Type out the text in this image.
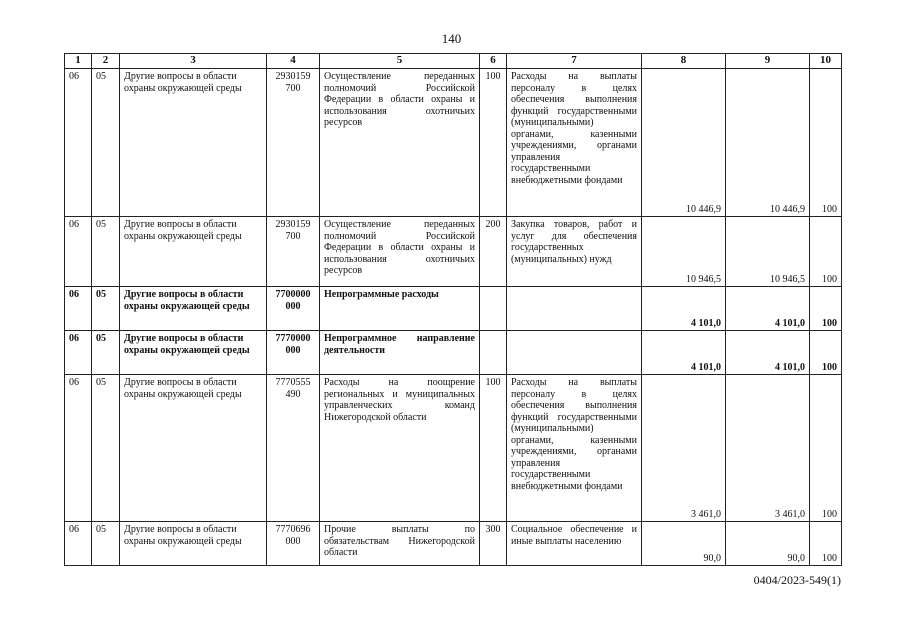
140
1	2	3	4	5	6	7	8	9	10
06	05	Другие вопросы в области охраны окружающей среды	2930159 700	Осуществление переданных полномочий Российской Федерации в области охраны и использования охотничьих ресурсов	100	Расходы на выплаты персоналу в целях обеспечения выполнения функций государственными (муниципальными) органами, казенными учреждениями, органами управления государственными внебюджетными фондами	10 446,9	10 446,9	100
06	05	Другие вопросы в области охраны окружающей среды	2930159 700	Осуществление переданных полномочий Российской Федерации в области охраны и использования охотничьих ресурсов	200	Закупка товаров, работ и услуг для обеспечения государственных (муниципальных) нужд	10 946,5	10 946,5	100
06	05	Другие вопросы в области охраны окружающей среды	7700000 000	Непрограммные расходы			4 101,0	4 101,0	100
06	05	Другие вопросы в области охраны окружающей среды	7770000 000	Непрограммное направление деятельности			4 101,0	4 101,0	100
06	05	Другие вопросы в области охраны окружающей среды	7770555 490	Расходы на поощрение региональных и муниципальных управленческих команд Нижегородской области	100	Расходы на выплаты персоналу в целях обеспечения выполнения функций государственными (муниципальными) органами, казенными учреждениями, органами управления государственными внебюджетными фондами	3 461,0	3 461,0	100
06	05	Другие вопросы в области охраны окружающей среды	7770696 000	Прочие выплаты по обязательствам Нижегородской области	300	Социальное обеспечение и иные выплаты населению	90,0	90,0	100
0404/2023-549(1)
